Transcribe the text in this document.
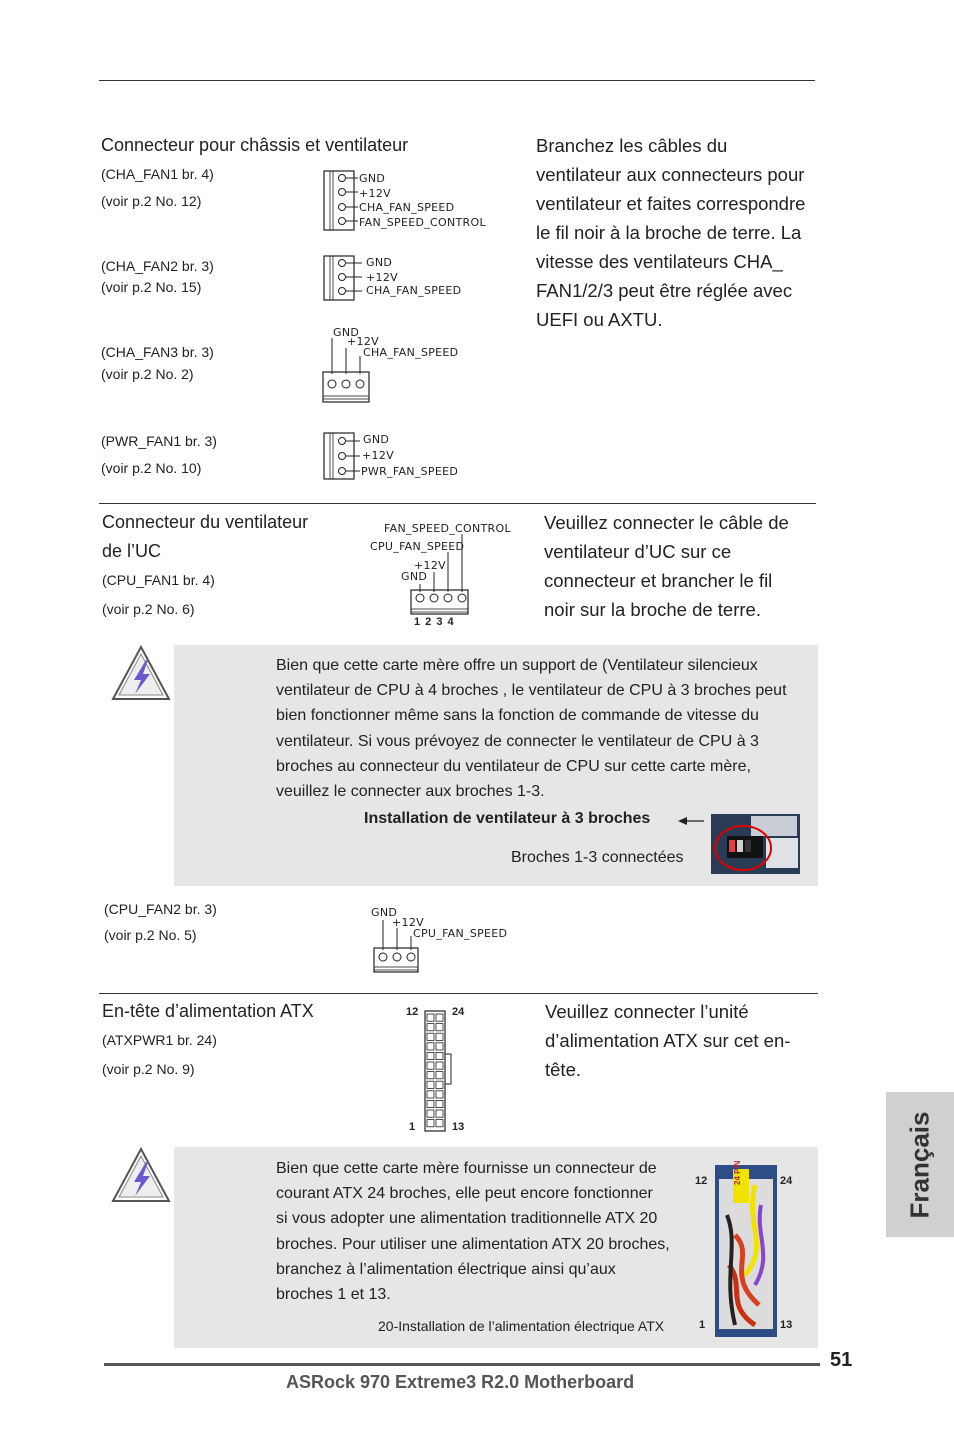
Connecteur pour châssis et ventilateur	Branchez les câbles du
ventilateur aux connecteurs pour
ventilateur et faites correspondre
le fil noir à la broche de terre. La
vitesse des ventilateurs CHA_
FAN1/2/3 peut être réglée avec
UEFI ou AXTU.
(CHA_FAN1 br. 4)
(voir p.2 No. 12)
GND
+12V
CHA_FAN_SPEED
FAN_SPEED_CONTROL
(CHA_FAN2 br. 3)
(voir p.2 No. 15)
GND
+12V
CHA_FAN_SPEED
(CHA_FAN3 br. 3)
(voir p.2 No. 2)
GND
+12V
CHA_FAN_SPEED
(PWR_FAN1 br. 3)
(voir p.2 No. 10)
GND
+12V
PWR_FAN_SPEED
Connecteur du ventilateur
de l’UC
(CPU_FAN1 br. 4)
(voir p.2 No. 6)
FAN_SPEED_CONTROL
CPU_FAN_SPEED
+12V
GND
1 2 3 4
Veuillez connecter le câble de
ventilateur d’UC sur ce
connecteur et brancher le fil
noir sur la broche de terre.
Bien que cette carte mère offre un support de (Ventilateur silencieux
ventilateur de CPU à 4 broches , le ventilateur de CPU à 3 broches peut
bien fonctionner même sans la fonction de commande de vitesse du
ventilateur. Si vous prévoyez de connecter le ventilateur de CPU à 3
broches au connecteur du ventilateur de CPU sur cette carte mère,
veuillez le connecter aux broches 1-3.
Installation de ventilateur à 3 broches
Broches 1-3 connectées
(CPU_FAN2 br. 3)
(voir p.2 No. 5)
GND
+12V
CPU_FAN_SPEED
En-tête d’alimentation ATX
(ATXPWR1 br. 24)
(voir p.2 No. 9)
12	24
1	13
Veuillez connecter l’unité
d’alimentation ATX sur cet en-
tête.
Bien que cette carte mère fournisse un connecteur de
courant ATX 24 broches, elle peut encore fonctionner
si vous adopter une alimentation traditionnelle ATX 20
broches. Pour utiliser une alimentation ATX 20 broches,
branchez à l’alimentation électrique ainsi qu’aux
broches 1 et 13.
20-Installation de l’alimentation électrique ATX
12	24
1	13
24 PIN	Français
51
ASRock 970 Extreme3 R2.0 Motherboard
